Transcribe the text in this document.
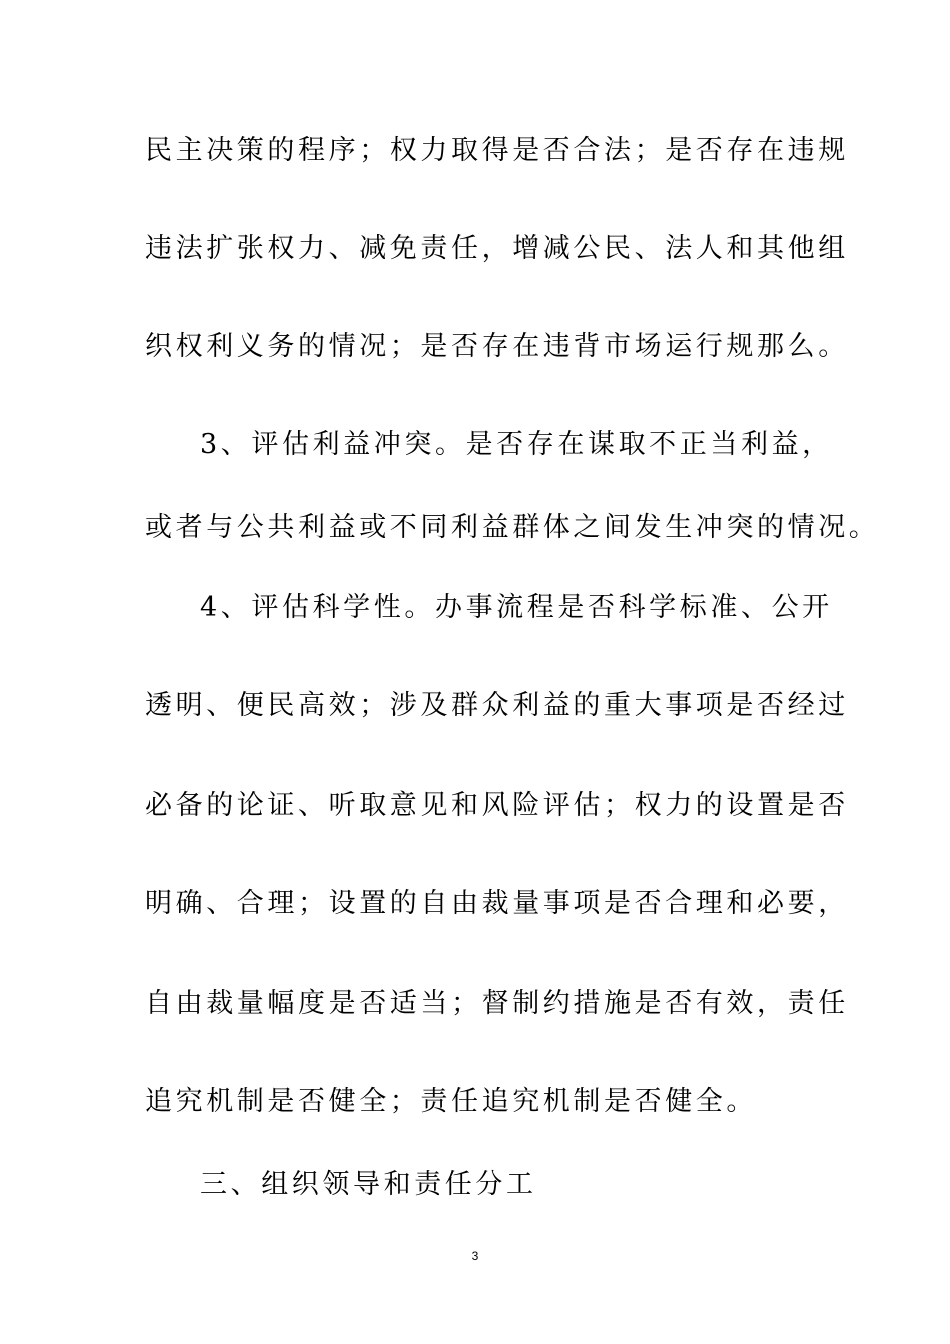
民主决策的程序；权力取得是否合法；是否存在违规
违法扩张权力、减免责任，增减公民、法人和其他组
织权利义务的情况；是否存在违背市场运行规那么。
3、评估利益冲突。是否存在谋取不正当利益，
或者与公共利益或不同利益群体之间发生冲突的情况。
4、评估科学性。办事流程是否科学标准、公开
透明、便民高效；涉及群众利益的重大事项是否经过
必备的论证、听取意见和风险评估；权力的设置是否
明确、合理；设置的自由裁量事项是否合理和必要，
自由裁量幅度是否适当；督制约措施是否有效，责任
追究机制是否健全；责任追究机制是否健全。
三、组织领导和责任分工
3
